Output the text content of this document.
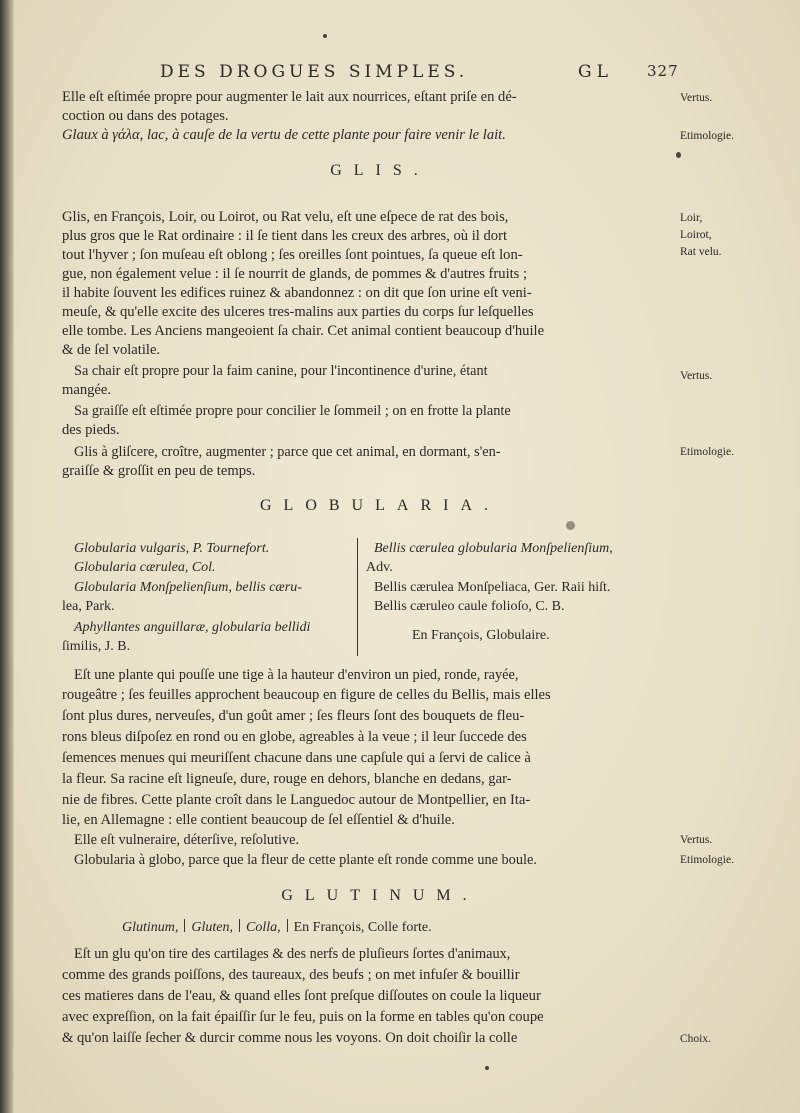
DES DROGUES SIMPLES.	GL 327
Elle eſt eſtimée propre pour augmenter le lait aux nourrices, eſtant priſe en dé-
coction ou dans des potages.
Glaux à γάλα, lac, à cauſe de la vertu de cette plante pour faire venir le lait.
Vertus.
Etimologie.
GLIS.
Glis, en François, Loir, ou Loirot, ou Rat velu, eſt une eſpece de rat des bois,
plus gros que le Rat ordinaire : il ſe tient dans les creux des arbres, où il dort
tout l'hyver ; ſon muſeau eſt oblong ; ſes oreilles ſont pointues, ſa queue eſt lon-
gue, non également velue : il ſe nourrit de glands, de pommes & d'autres fruits ;
il habite ſouvent les edifices ruinez & abandonnez : on dit que ſon urine eſt veni-
meuſe, & qu'elle excite des ulceres tres-malins aux parties du corps ſur leſquelles
elle tombe. Les Anciens mangeoient ſa chair. Cet animal contient beaucoup d'huile
& de ſel volatile.
Sa chair eſt propre pour la faim canine, pour l'incontinence d'urine, étant
mangée.
Sa graiſſe eſt eſtimée propre pour concilier le ſommeil ; on en frotte la plante
des pieds.
Glis à gliſcere, croître, augmenter ; parce que cet animal, en dormant, s'en-
graiſſe & groſſit en peu de temps.
Loir,
Loirot,
Rat velu.
Vertus.
Etimologie.
GLOBULARIA.
Globularia vulgaris, P. Tournefort.
Globularia cærulea, Col.
Globularia Monſpelienſium, bellis cæru-
lea, Park.
Aphyllantes anguillaræ, globularia bellidi
ſimilis, J. B.
Bellis cærulea globularia Monſpelienſium,
Adv.
Bellis cærulea Monſpeliaca, Ger. Raii hiſt.
Bellis cæruleo caule folioſo, C. B.
En François, Globulaire.
Eſt une plante qui pouſſe une tige à la hauteur d'environ un pied, ronde, rayée,
rougeâtre ; ſes feuilles approchent beaucoup en figure de celles du Bellis, mais elles
ſont plus dures, nerveuſes, d'un goût amer ; ſes fleurs ſont des bouquets de fleu-
rons bleus diſpoſez en rond ou en globe, agreables à la veue ; il leur ſuccede des
ſemences menues qui meuriſſent chacune dans une capſule qui a ſervi de calice à
la fleur. Sa racine eſt ligneuſe, dure, rouge en dehors, blanche en dedans, gar-
nie de fibres. Cette plante croît dans le Languedoc autour de Montpellier, en Ita-
lie, en Allemagne : elle contient beaucoup de ſel eſſentiel & d'huile.
Elle eſt vulneraire, déterſive, reſolutive.
Globularia à globo, parce que la fleur de cette plante eſt ronde comme une boule.
Vertus.
Etimologie.
GLUTINUM.
Glutinum, Gluten, Colla, En François, Colle forte.
Eſt un glu qu'on tire des cartilages & des nerfs de pluſieurs ſortes d'animaux,
comme des grands poiſſons, des taureaux, des beufs ; on met infuſer & bouillir
ces matieres dans de l'eau, & quand elles ſont preſque diſſoutes on coule la liqueur
avec expreſſion, on la fait épaiſſir ſur le feu, puis on la forme en tables qu'on coupe
& qu'on laiſſe ſecher & durcir comme nous les voyons. On doit choiſir la colle	Choix.
